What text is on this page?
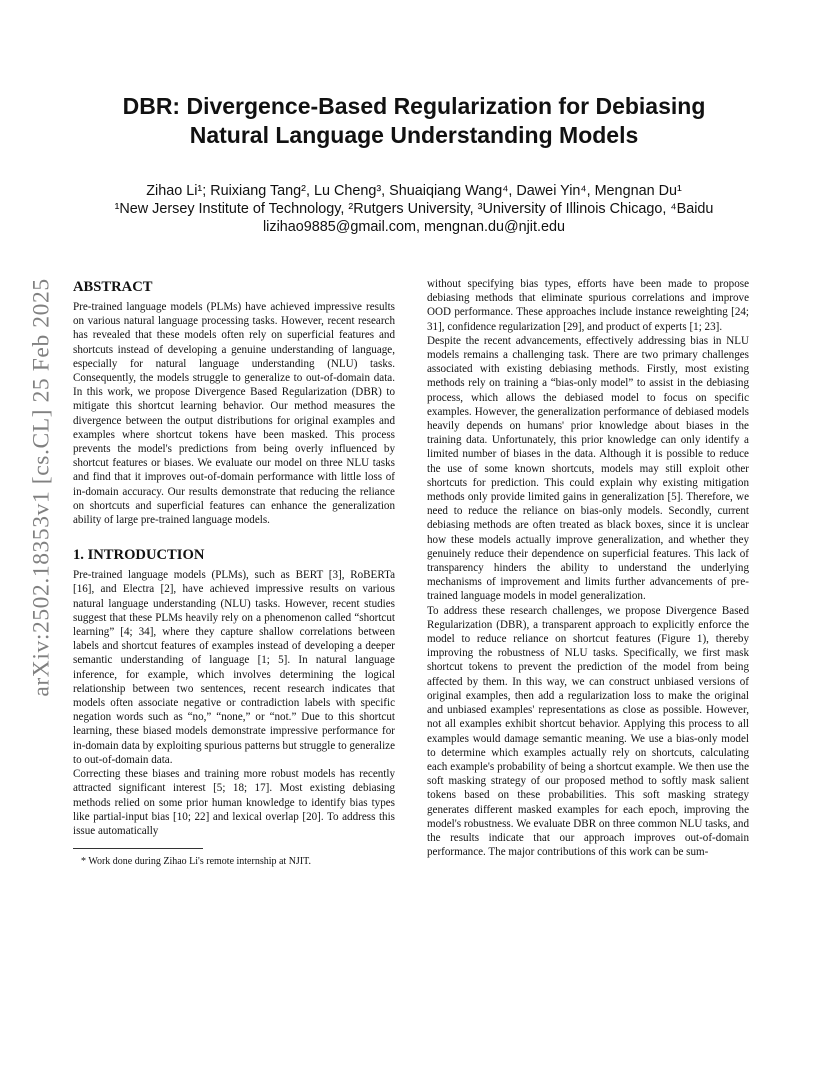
arXiv:2502.18353v1 [cs.CL] 25 Feb 2025
DBR: Divergence-Based Regularization for Debiasing
Natural Language Understanding Models
Zihao Li¹; Ruixiang Tang², Lu Cheng³, Shuaiqiang Wang⁴, Dawei Yin⁴, Mengnan Du¹
¹New Jersey Institute of Technology, ²Rutgers University, ³University of Illinois Chicago, ⁴Baidu
lizihao9885@gmail.com, mengnan.du@njit.edu
ABSTRACT

Pre-trained language models (PLMs) have achieved impressive results on various natural language processing tasks. However, recent research has revealed that these models often rely on superficial features and shortcuts instead of developing a genuine understanding of language, especially for natural language understanding (NLU) tasks. Consequently, the models struggle to generalize to out-of-domain data. In this work, we propose Divergence Based Regularization (DBR) to mitigate this shortcut learning behavior. Our method measures the divergence between the output distributions for original examples and examples where shortcut tokens have been masked. This process prevents the model's predictions from being overly influenced by shortcut features or biases. We evaluate our model on three NLU tasks and find that it improves out-of-domain performance with little loss of in-domain accuracy. Our results demonstrate that reducing the reliance on shortcuts and superficial features can enhance the generalization ability of large pre-trained language models.

1. INTRODUCTION

Pre-trained language models (PLMs), such as BERT [3], RoBERTa [16], and Electra [2], have achieved impressive results on various natural language understanding (NLU) tasks. However, recent studies suggest that these PLMs heavily rely on a phenomenon called “shortcut learning” [4; 34], where they capture shallow correlations between labels and shortcut features of examples instead of developing a deeper semantic understanding of language [1; 5]. In natural language inference, for example, which involves determining the logical relationship between two sentences, recent research indicates that models often associate negative or contradiction labels with specific negation words such as “no,” “none,” or “not.” Due to this shortcut learning, these biased models demonstrate impressive performance for in-domain data by exploiting spurious patterns but struggle to generalize to out-of-domain data.

Correcting these biases and training more robust models has recently attracted significant interest [5; 18; 17]. Most existing debiasing methods relied on some prior human knowledge to identify bias types like partial-input bias [10; 22] and lexical overlap [20]. To address this issue automatically

* Work done during Zihao Li's remote internship at NJIT.

without specifying bias types, efforts have been made to propose debiasing methods that eliminate spurious correlations and improve OOD performance. These approaches include instance reweighting [24; 31], confidence regularization [29], and product of experts [1; 23].

Despite the recent advancements, effectively addressing bias in NLU models remains a challenging task. There are two primary challenges associated with existing debiasing methods. Firstly, most existing methods rely on training a “bias-only model” to assist in the debiasing process, which allows the debiased model to focus on specific examples. However, the generalization performance of debiased models heavily depends on humans' prior knowledge about biases in the training data. Unfortunately, this prior knowledge can only identify a limited number of biases in the data. Although it is possible to reduce the use of some known shortcuts, models may still exploit other shortcuts for prediction. This could explain why existing mitigation methods only provide limited gains in generalization [5]. Therefore, we need to reduce the reliance on bias-only models. Secondly, current debiasing methods are often treated as black boxes, since it is unclear how these models actually improve generalization, and whether they genuinely reduce their dependence on superficial features. This lack of transparency hinders the ability to understand the underlying mechanisms of improvement and limits further advancements of pre-trained language models in model generalization.

To address these research challenges, we propose Divergence Based Regularization (DBR), a transparent approach to explicitly enforce the model to reduce reliance on shortcut features (Figure 1), thereby improving the robustness of NLU tasks. Specifically, we first mask shortcut tokens to prevent the prediction of the model from being affected by them. In this way, we can construct unbiased versions of original examples, then add a regularization loss to make the original and unbiased examples' representations as close as possible. However, not all examples exhibit shortcut behavior. Applying this process to all examples would damage semantic meaning. We use a bias-only model to determine which examples actually rely on shortcuts, calculating each example's probability of being a shortcut example. We then use the soft masking strategy of our proposed method to softly mask salient tokens based on these probabilities. This soft masking strategy generates different masked examples for each epoch, improving the model's robustness. We evaluate DBR on three common NLU tasks, and the results indicate that our approach improves out-of-domain performance. The major contributions of this work can be sum-
